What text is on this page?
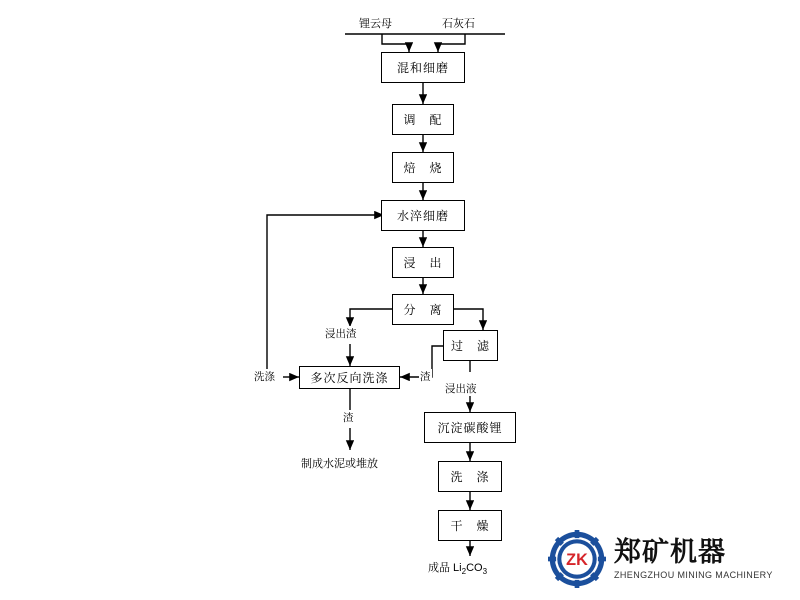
锂云母	石灰石
混和细磨
调　配
焙　烧
水淬细磨
浸　出
分　离
过　滤
多次反向洗涤
沉淀碳酸锂
洗　涤
干　燥
浸出渣
洗涤	渣
浸出液
渣
制成水泥或堆放
成品 $Li_2CO_3$
ZK 郑矿机器
ZHENGZHOU MINING MACHINERY
